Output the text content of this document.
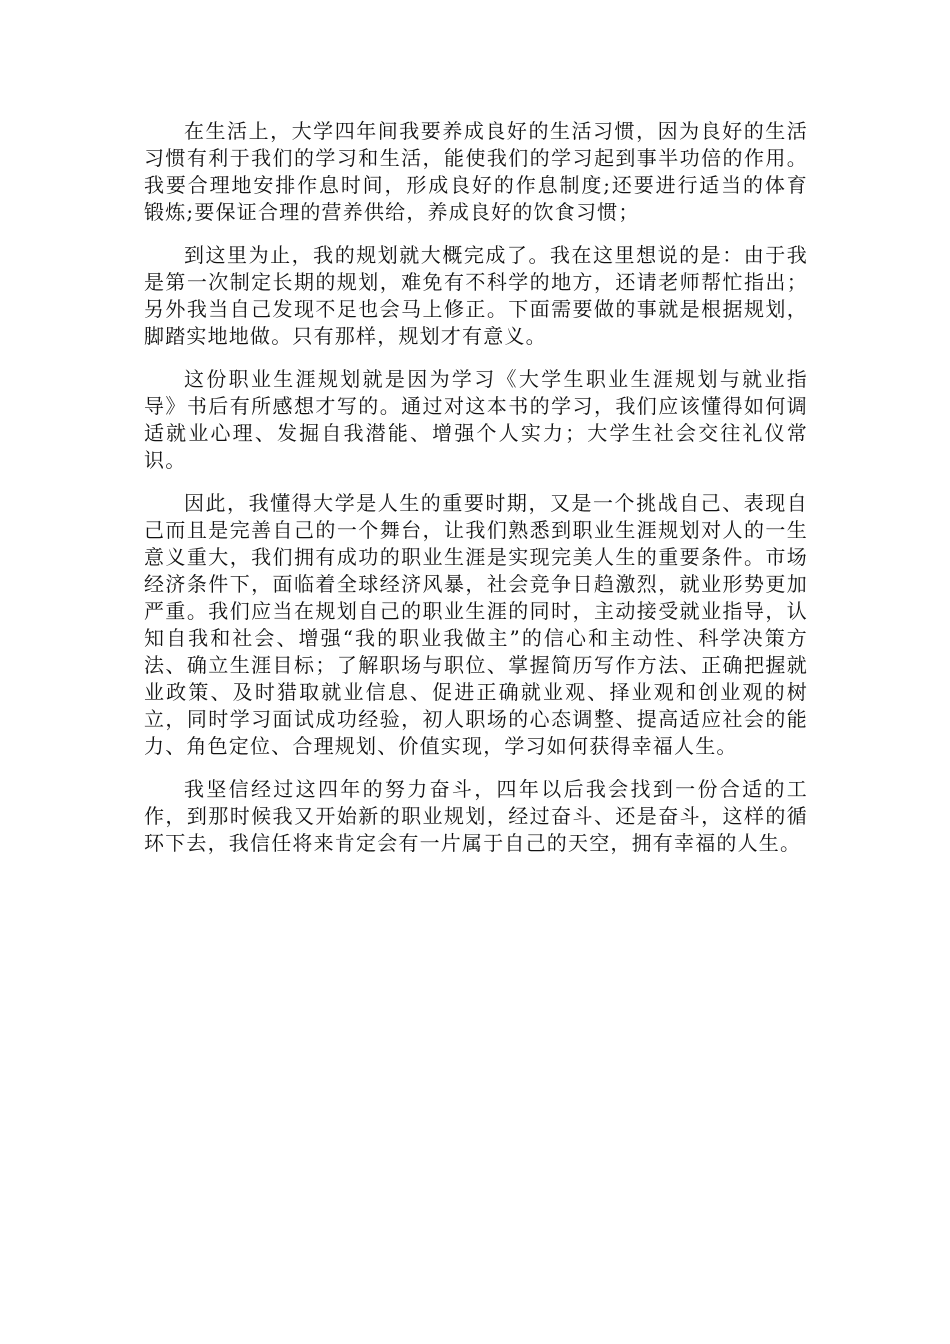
在生活上，大学四年间我要养成良好的生活习惯，因为良好的生活习惯有利于我们的学习和生活，能使我们的学习起到事半功倍的作用。我要合理地安排作息时间，形成良好的作息制度;还要进行适当的体育锻炼;要保证合理的营养供给，养成良好的饮食习惯；

到这里为止，我的规划就大概完成了。我在这里想说的是：由于我是第一次制定长期的规划，难免有不科学的地方，还请老师帮忙指出；另外我当自己发现不足也会马上修正。下面需要做的事就是根据规划，脚踏实地地做。只有那样，规划才有意义。

这份职业生涯规划就是因为学习《大学生职业生涯规划与就业指导》书后有所感想才写的。通过对这本书的学习，我们应该懂得如何调适就业心理、发掘自我潜能、增强个人实力；大学生社会交往礼仪常识。

因此，我懂得大学是人生的重要时期，又是一个挑战自己、表现自己而且是完善自己的一个舞台，让我们熟悉到职业生涯规划对人的一生意义重大，我们拥有成功的职业生涯是实现完美人生的重要条件。市场经济条件下，面临着全球经济风暴，社会竞争日趋激烈，就业形势更加严重。我们应当在规划自己的职业生涯的同时，主动接受就业指导，认知自我和社会、增强“我的职业我做主”的信心和主动性、科学决策方法、确立生涯目标；了解职场与职位、掌握简历写作方法、正确把握就业政策、及时猎取就业信息、促进正确就业观、择业观和创业观的树立，同时学习面试成功经验，初人职场的心态调整、提高适应社会的能力、角色定位、合理规划、价值实现，学习如何获得幸福人生。

我坚信经过这四年的努力奋斗，四年以后我会找到一份合适的工作，到那时候我又开始新的职业规划，经过奋斗、还是奋斗，这样的循环下去，我信任将来肯定会有一片属于自己的天空，拥有幸福的人生。
